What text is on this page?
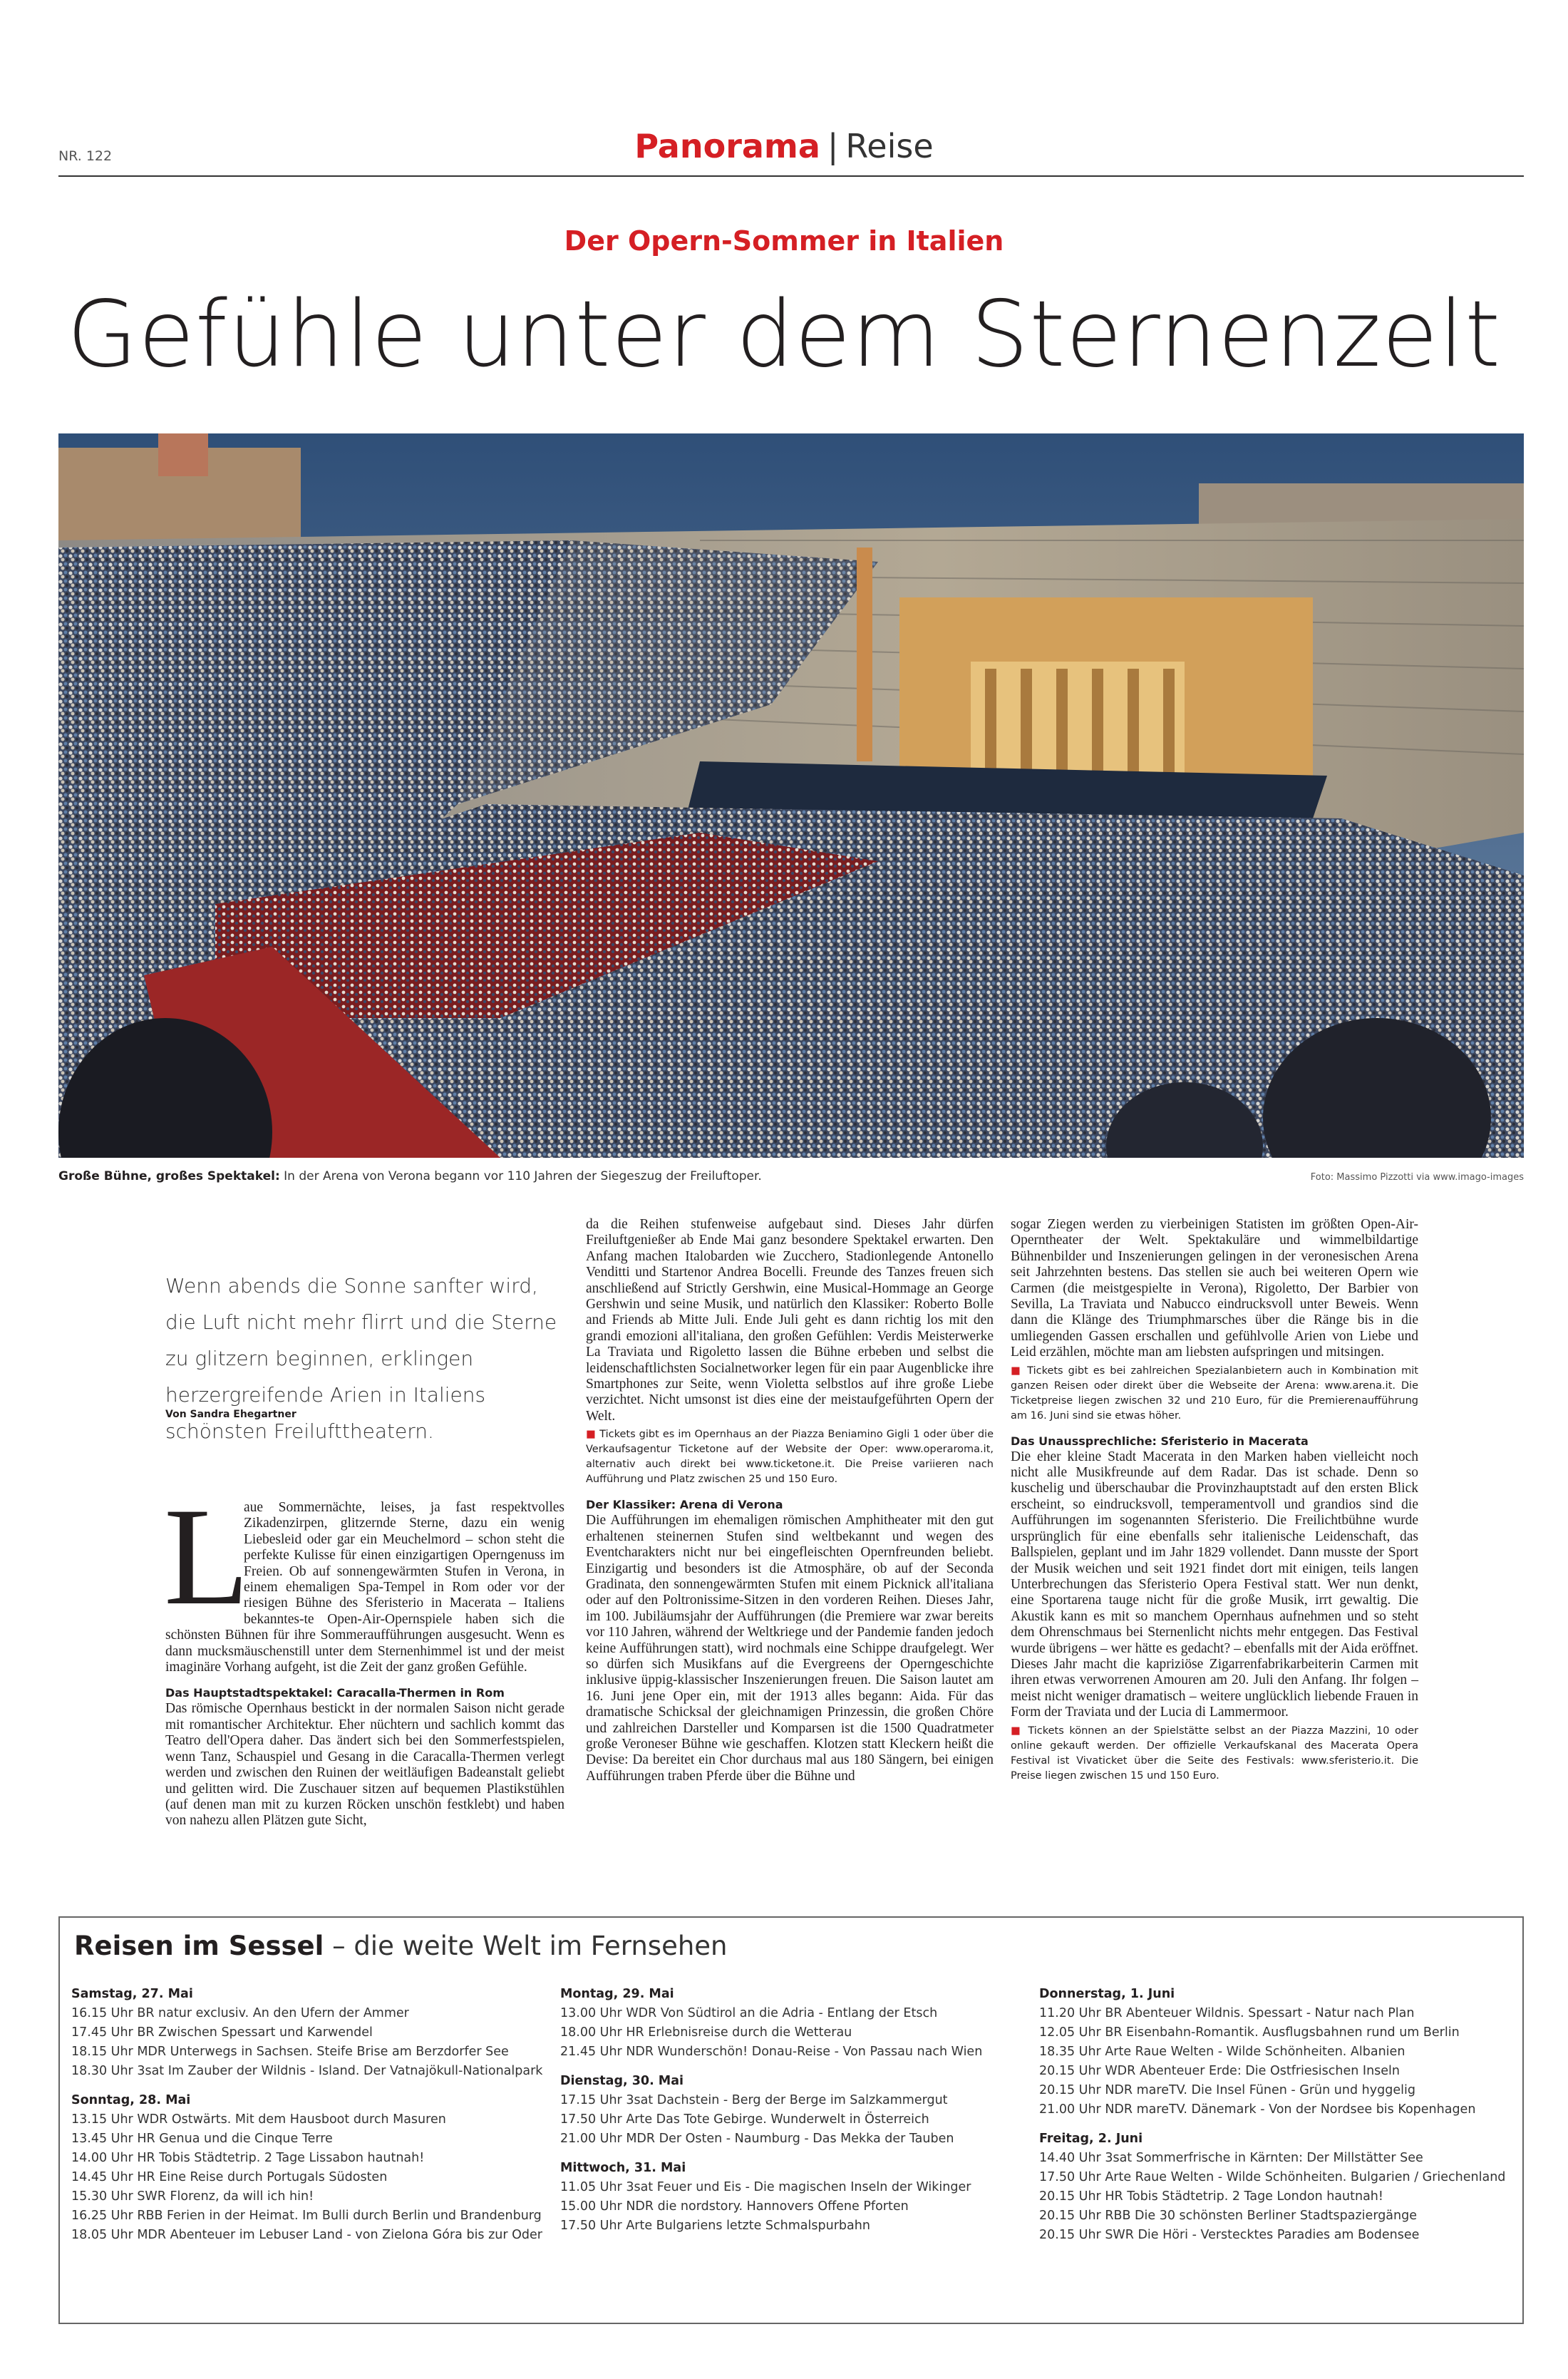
NR. 122	Panorama | Reise
Der Opern-Sommer in Italien
Gefühle unter dem Sternenzelt
Große Bühne, großes Spektakel: In der Arena von Verona begann vor 110 Jahren der Siegeszug der Freiluftoper.	Foto: Massimo Pizzotti via www.imago-images
Wenn abends die Sonne sanfter wird, die Luft nicht mehr flirrt und die Sterne zu glitzern beginnen, erklingen herzergreifende Arien in Italiens schönsten Freilufttheatern.
Von Sandra Ehegartner
L

aue Sommernächte, leises, ja fast respektvolles Zikadenzirpen, glitzernde Sterne, dazu ein wenig Liebesleid oder gar ein Meuchelmord – schon steht die perfekte Kulisse für einen einzigartigen Operngenuss im Freien. Ob auf sonnengewärmten Stufen in Verona, in einem ehemaligen Spa-Tempel in Rom oder vor der riesigen Bühne des Sferisterio in Macerata – Italiens bekanntes-te Open-Air-Opernspiele haben sich die schönsten Bühnen für ihre Sommeraufführungen ausgesucht. Wenn es dann mucksmäuschenstill unter dem Sternenhimmel ist und der meist imaginäre Vorhang aufgeht, ist die Zeit der ganz großen Gefühle.

Das Hauptstadtspektakel: Caracalla-Thermen in Rom

Das römische Opernhaus bestickt in der normalen Saison nicht gerade mit romantischer Architektur. Eher nüchtern und sachlich kommt das Teatro dell'Opera daher. Das ändert sich bei den Sommerfestspielen, wenn Tanz, Schauspiel und Gesang in die Caracalla-Thermen verlegt werden und zwischen den Ruinen der weitläufigen Badeanstalt geliebt und gelitten wird. Die Zuschauer sitzen auf bequemen Plastikstühlen (auf denen man mit zu kurzen Röcken unschön festklebt) und haben von nahezu allen Plätzen gute Sicht,

da die Reihen stufenweise aufgebaut sind. Dieses Jahr dürfen Freiluftgenießer ab Ende Mai ganz besondere Spektakel erwarten. Den Anfang machen Italobarden wie Zucchero, Stadionlegende Antonello Venditti und Startenor Andrea Bocelli. Freunde des Tanzes freuen sich anschließend auf Strictly Gershwin, eine Musical-Hommage an George Gershwin und seine Musik, und natürlich den Klassiker: Roberto Bolle and Friends ab Mitte Juli. Ende Juli geht es dann richtig los mit den grandi emozioni all'italiana, den großen Gefühlen: Verdis Meisterwerke La Traviata und Rigoletto lassen die Bühne erbeben und selbst die leidenschaftlichsten Socialnetworker legen für ein paar Augenblicke ihre Smartphones zur Seite, wenn Violetta selbstlos auf ihre große Liebe verzichtet. Nicht umsonst ist dies eine der meistaufgeführten Opern der Welt.

■ Tickets gibt es im Opernhaus an der Piazza Beniamino Gigli 1 oder über die Verkaufsagentur Ticketone auf der Website der Oper: www.operaroma.it, alternativ auch direkt bei www.ticketone.it. Die Preise variieren nach Aufführung und Platz zwischen 25 und 150 Euro.

Der Klassiker: Arena di Verona

Die Aufführungen im ehemaligen römischen Amphitheater mit den gut erhaltenen steinernen Stufen sind weltbekannt und wegen des Eventcharakters nicht nur bei eingefleischten Opernfreunden beliebt. Einzigartig und besonders ist die Atmosphäre, ob auf der Seconda Gradinata, den sonnengewärmten Stufen mit einem Picknick all'italiana oder auf den Poltronissime-Sitzen in den vorderen Reihen. Dieses Jahr, im 100. Jubiläumsjahr der Aufführungen (die Premiere war zwar bereits vor 110 Jahren, während der Weltkriege und der Pandemie fanden jedoch keine Aufführungen statt), wird nochmals eine Schippe draufgelegt. Wer so dürfen sich Musikfans auf die Evergreens der Operngeschichte inklusive üppig-klassischer Inszenierungen freuen. Die Saison lautet am 16. Juni jene Oper ein, mit der 1913 alles begann: Aida. Für das dramatische Schicksal der gleichnamigen Prinzessin, die großen Chöre und zahlreichen Darsteller und Komparsen ist die 1500 Quadratmeter große Veroneser Bühne wie geschaffen. Klotzen statt Kleckern heißt die Devise: Da bereitet ein Chor durchaus mal aus 180 Sängern, bei einigen Aufführungen traben Pferde über die Bühne und

sogar Ziegen werden zu vierbeinigen Statisten im größten Open-Air-Operntheater der Welt. Spektakuläre und wimmelbildartige Bühnenbilder und Inszenierungen gelingen in der veronesischen Arena seit Jahrzehnten bestens. Das stellen sie auch bei weiteren Opern wie Carmen (die meistgespielte in Verona), Rigoletto, Der Barbier von Sevilla, La Traviata und Nabucco eindrucksvoll unter Beweis. Wenn dann die Klänge des Triumphmarsches über die Ränge bis in die umliegenden Gassen erschallen und gefühlvolle Arien von Liebe und Leid erzählen, möchte man am liebsten aufspringen und mitsingen.

■ Tickets gibt es bei zahlreichen Spezialanbietern auch in Kombination mit ganzen Reisen oder direkt über die Webseite der Arena: www.arena.it. Die Ticketpreise liegen zwischen 32 und 210 Euro, für die Premierenaufführung am 16. Juni sind sie etwas höher.

Das Unaussprechliche: Sferisterio in Macerata

Die eher kleine Stadt Macerata in den Marken haben vielleicht noch nicht alle Musikfreunde auf dem Radar. Das ist schade. Denn so kuschelig und überschaubar die Provinzhauptstadt auf den ersten Blick erscheint, so eindrucksvoll, temperamentvoll und grandios sind die Aufführungen im sogenannten Sferisterio. Die Freilichtbühne wurde ursprünglich für eine ebenfalls sehr italienische Leidenschaft, das Ballspielen, geplant und im Jahr 1829 vollendet. Dann musste der Sport der Musik weichen und seit 1921 findet dort mit einigen, teils langen Unterbrechungen das Sferisterio Opera Festival statt. Wer nun denkt, eine Sportarena tauge nicht für die große Musik, irrt gewaltig. Die Akustik kann es mit so manchem Opernhaus aufnehmen und so steht dem Ohrenschmaus bei Sternenlicht nichts mehr entgegen. Das Festival wurde übrigens – wer hätte es gedacht? – ebenfalls mit der Aida eröffnet. Dieses Jahr macht die kapriziöse Zigarrenfabrikarbeiterin Carmen mit ihren etwas verworrenen Amouren am 20. Juli den Anfang. Ihr folgen – meist nicht weniger dramatisch – weitere unglücklich liebende Frauen in Form der Traviata und der Lucia di Lammermoor.

■ Tickets können an der Spielstätte selbst an der Piazza Mazzini, 10 oder online gekauft werden. Der offizielle Verkaufskanal des Macerata Opera Festival ist Vivaticket über die Seite des Festivals: www.sferisterio.it. Die Preise liegen zwischen 15 und 150 Euro.

Reisen im Sessel – die weite Welt im Fernsehen
Samstag, 27. Mai
16.15 Uhr BR natur exclusiv. An den Ufern der Ammer
17.45 Uhr BR Zwischen Spessart und Karwendel
18.15 Uhr MDR Unterwegs in Sachsen. Steife Brise am Berzdorfer See
18.30 Uhr 3sat Im Zauber der Wildnis - Island. Der Vatnajökull-Nationalpark
Sonntag, 28. Mai
13.15 Uhr WDR Ostwärts. Mit dem Hausboot durch Masuren
13.45 Uhr HR Genua und die Cinque Terre
14.00 Uhr HR Tobis Städtetrip. 2 Tage Lissabon hautnah!
14.45 Uhr HR Eine Reise durch Portugals Südosten
15.30 Uhr SWR Florenz, da will ich hin!
16.25 Uhr RBB Ferien in der Heimat. Im Bulli durch Berlin und Brandenburg
18.05 Uhr MDR Abenteuer im Lebuser Land - von Zielona Góra bis zur Oder
Montag, 29. Mai
13.00 Uhr WDR Von Südtirol an die Adria - Entlang der Etsch
18.00 Uhr HR Erlebnisreise durch die Wetterau
21.45 Uhr NDR Wunderschön! Donau-Reise - Von Passau nach Wien
Dienstag, 30. Mai
17.15 Uhr 3sat Dachstein - Berg der Berge im Salzkammergut
17.50 Uhr Arte Das Tote Gebirge. Wunderwelt in Österreich
21.00 Uhr MDR Der Osten - Naumburg - Das Mekka der Tauben
Mittwoch, 31. Mai
11.05 Uhr 3sat Feuer und Eis - Die magischen Inseln der Wikinger
15.00 Uhr NDR die nordstory. Hannovers Offene Pforten
17.50 Uhr Arte Bulgariens letzte Schmalspurbahn
Donnerstag, 1. Juni
11.20 Uhr BR Abenteuer Wildnis. Spessart - Natur nach Plan
12.05 Uhr BR Eisenbahn-Romantik. Ausflugsbahnen rund um Berlin
18.35 Uhr Arte Raue Welten - Wilde Schönheiten. Albanien
20.15 Uhr WDR Abenteuer Erde: Die Ostfriesischen Inseln
20.15 Uhr NDR mareTV. Die Insel Fünen - Grün und hyggelig
21.00 Uhr NDR mareTV. Dänemark - Von der Nordsee bis Kopenhagen
Freitag, 2. Juni
14.40 Uhr 3sat Sommerfrische in Kärnten: Der Millstätter See
17.50 Uhr Arte Raue Welten - Wilde Schönheiten. Bulgarien / Griechenland
20.15 Uhr HR Tobis Städtetrip. 2 Tage London hautnah!
20.15 Uhr RBB Die 30 schönsten Berliner Stadtspaziergänge
20.15 Uhr SWR Die Höri - Verstecktes Paradies am Bodensee
